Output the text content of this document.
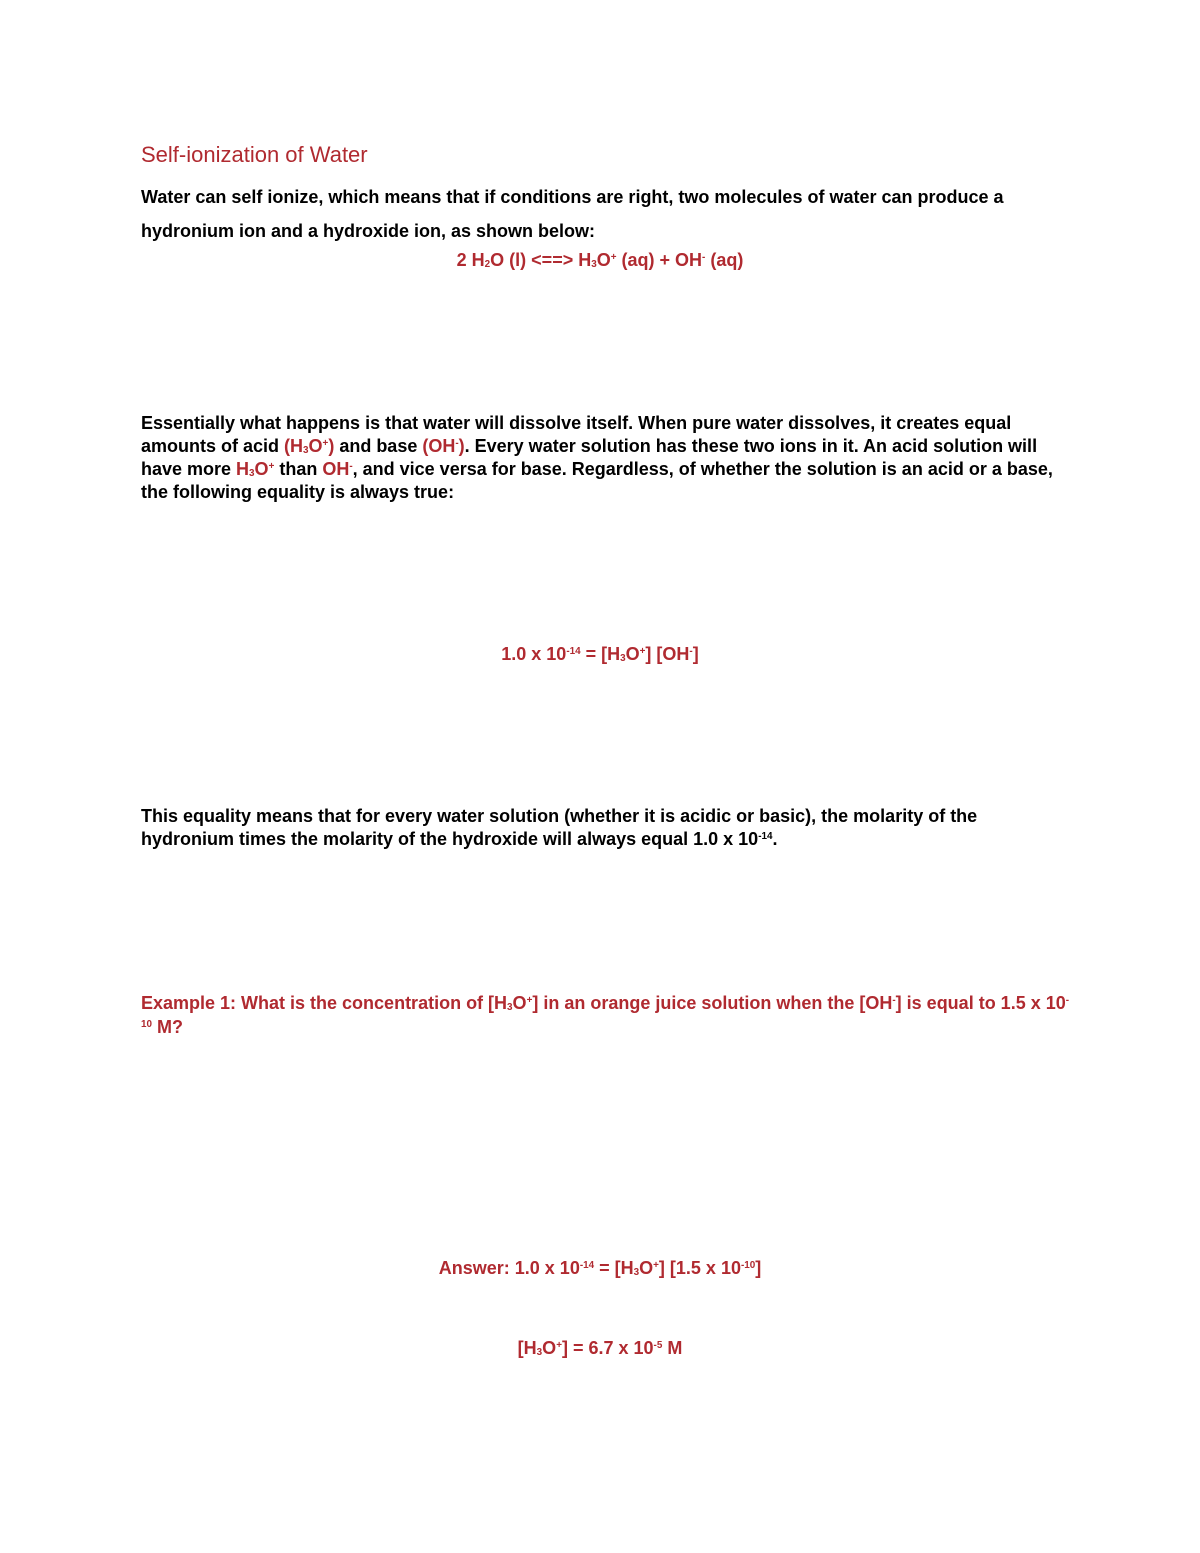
Self-ionization of Water
Water can self ionize, which means that if conditions are right, two molecules of water can produce a hydronium ion and a hydroxide ion, as shown below:
2 $H_2O$ (l) <==> $H_3O^+$ (aq) + OH- (aq)
Essentially what happens is that water will dissolve itself. When pure water dissolves, it creates equal amounts of acid $(H_3O^+)$ and base (OH-). Every water solution has these two ions in it. An acid solution will have more $H_3O^+$ than OH-, and vice versa for base. Regardless, of whether the solution is an acid or a base, the following equality is always true:
1.0 x $10^{-14} = [H_3O^+]$ [OH-]
This equality means that for every water solution (whether it is acidic or basic), the molarity of the hydronium times the molarity of the hydroxide will always equal 1.0 x $10^{-14}$.
Example 1: What is the concentration of $[H_3O^+]$ in an orange juice solution when the [OH-] is equal to 1.5 x $10^{-10}$ M?
Answer: 1.0 x $10^{-14} = [H_3O^+]$ [1.5 x $10^{-10}$]
$[H_3O^+] = 6.7$ x $10^{-5}$ M
